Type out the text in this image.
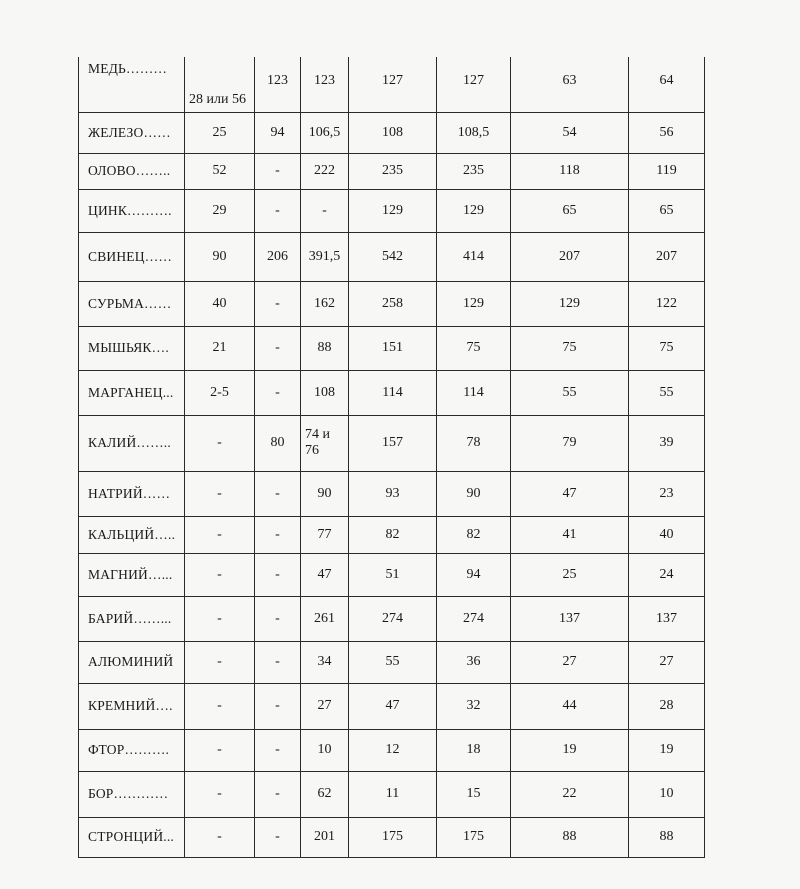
МЕДЬ………	28 или 56	123	123	127	127	63	64
ЖЕЛЕЗО……	25	94	106,5	108	108,5	54	56
ОЛОВО……..	52	-	222	235	235	118	119
ЦИНК……….	29	-	-	129	129	65	65
СВИНЕЦ……	90	206	391,5	542	414	207	207
СУРЬМА……	40	-	162	258	129	129	122
МЫШЬЯК….	21	-	88	151	75	75	75
МАРГАНЕЦ...	2-5	-	108	114	114	55	55
КАЛИЙ……..	-	80	74 и 76	157	78	79	39
НАТРИЙ……	-	-	90	93	90	47	23
КАЛЬЦИЙ…..	-	-	77	82	82	41	40
МАГНИЙ…...	-	-	47	51	94	25	24
БАРИЙ……...	-	-	261	274	274	137	137
АЛЮМИНИЙ	-	-	34	55	36	27	27
КРЕМНИЙ….	-	-	27	47	32	44	28
ФТОР……….	-	-	10	12	18	19	19
БОР…………	-	-	62	11	15	22	10
СТРОНЦИЙ...	-	-	201	175	175	88	88
